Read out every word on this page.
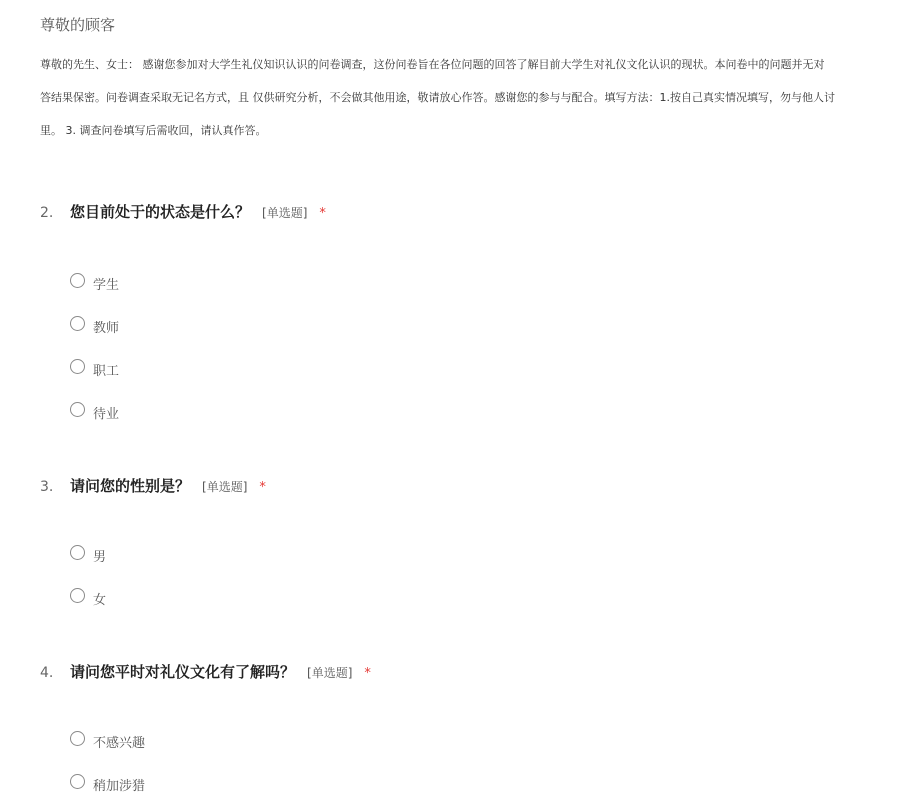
尊敬的顾客
尊敬的先生、女士： 感谢您参加对大学生礼仪知识认识的问卷调查，这份问卷旨在各位问题的回答了解目前大学生对礼仪文化认识的现状。本问卷中的问题并无对
答结果保密。问卷调查采取无记名方式，且 仅供研究分析，不会做其他用途，敬请放心作答。感谢您的参与与配合。填写方法：1.按自己真实情况填写，勿与他人讨
里。 3. 调查问卷填写后需收回，请认真作答。
2. 您目前处于的状态是什么？ [单选题] *
学生
教师
职工
待业
3. 请问您的性别是？ [单选题] *
男
女
4. 请问您平时对礼仪文化有了解吗？ [单选题] *
不感兴趣
稍加涉猎
